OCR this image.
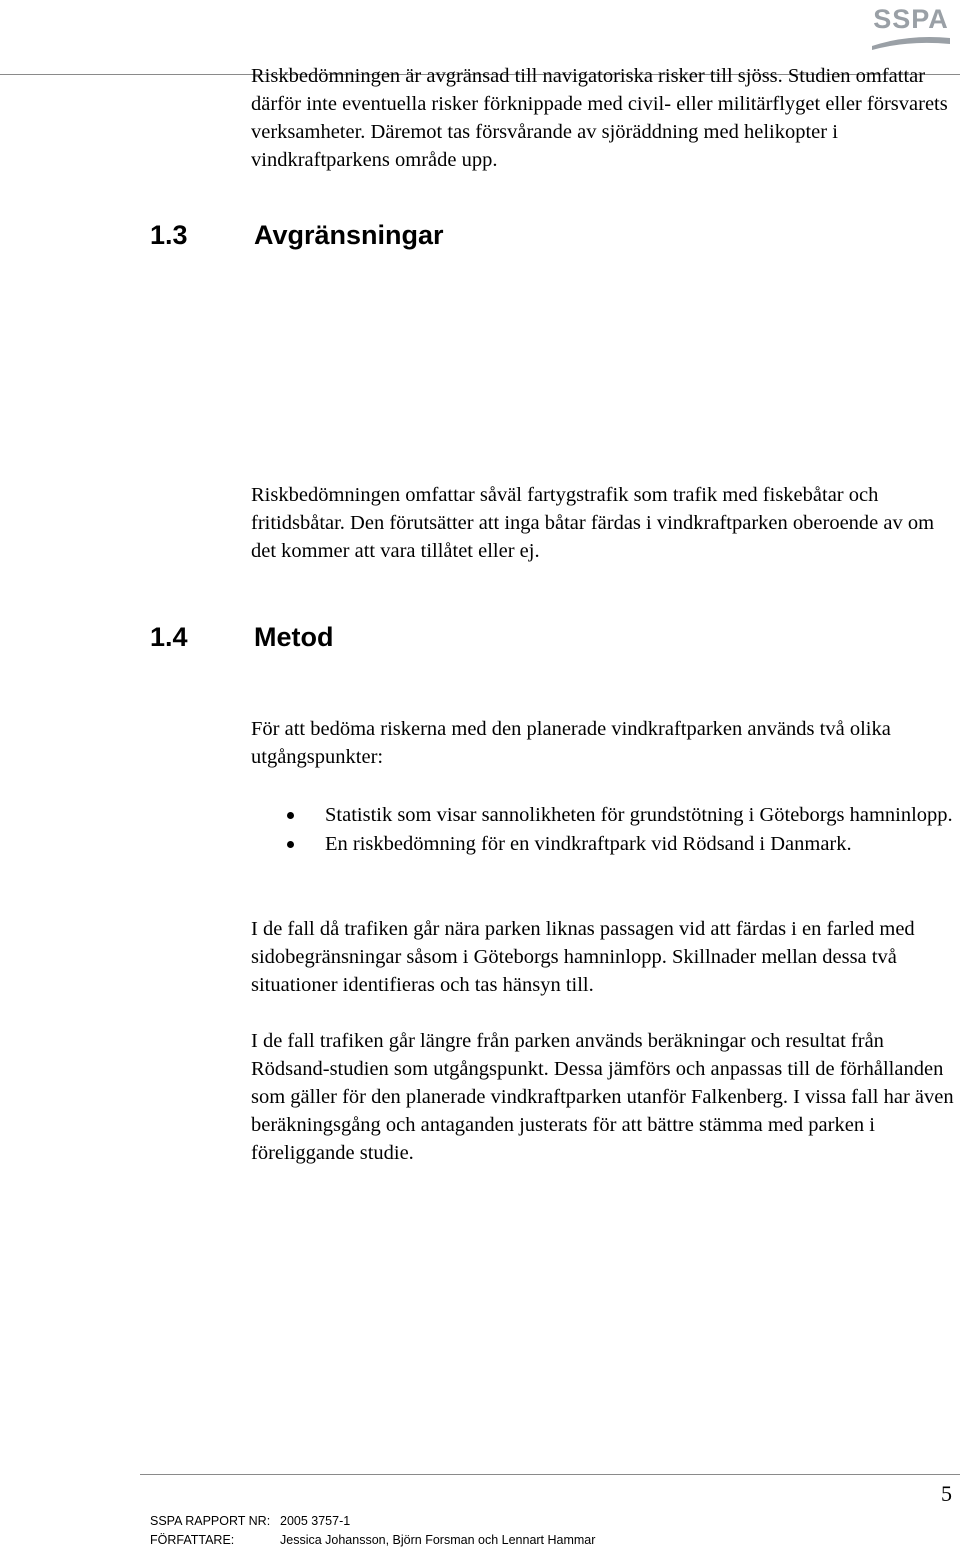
SSPA
1.3 Avgränsningar

Riskbedömningen är avgränsad till navigatoriska risker till sjöss. Studien omfattar därför inte eventuella risker förknippade med civil- eller militärflyget eller försvarets verksamheter. Däremot tas försvårande av sjöräddning med helikopter i vindkraftparkens område upp.

Riskbedömningen omfattar såväl fartygstrafik som trafik med fiskebåtar och fritidsbåtar. Den förutsätter att inga båtar färdas i vindkraftparken oberoende av om det kommer att vara tillåtet eller ej.

1.4 Metod

För att bedöma riskerna med den planerade vindkraftparken används två olika utgångspunkter:

Statistik som visar sannolikheten för grundstötning i Göteborgs hamninlopp.
En riskbedömning för en vindkraftpark vid Rödsand i Danmark.

I de fall då trafiken går nära parken liknas passagen vid att färdas i en farled med sidobegränsningar såsom i Göteborgs hamninlopp. Skillnader mellan dessa två situationer identifieras och tas hänsyn till.

I de fall trafiken går längre från parken används beräkningar och resultat från Rödsand-studien som utgångspunkt. Dessa jämförs och anpassas till de förhållanden som gäller för den planerade vindkraftparken utanför Falkenberg. I vissa fall har även beräkningsgång och antaganden justerats för att bättre stämma med parken i föreliggande studie.

5
SSPA RAPPORT NR: 2005 3757-1
FÖRFATTARE:	Jessica Johansson, Björn Forsman och Lennart Hammar
